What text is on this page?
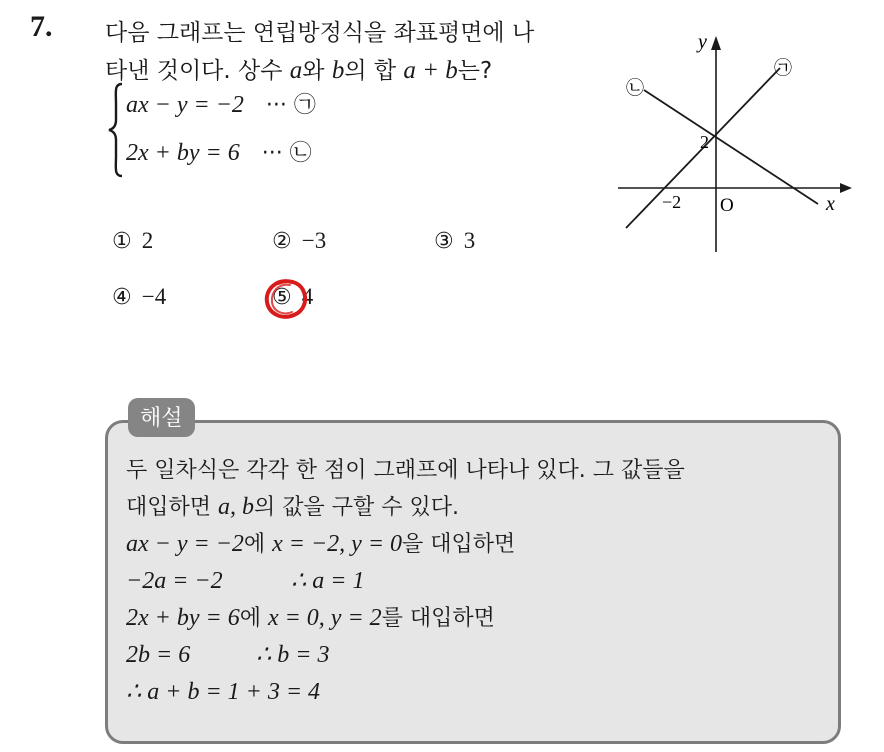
7. 다음 그래프는 연립방정식을 좌표평면에 나
타낸 것이다. 상수 a와 b의 합 a + b는?
ax − y = −2 ··· ㉠
2x + by = 6 ··· ㉡
① 2	② −3	③ 3
④ −4	⑤ 4
y
x
O
2
−2
㉠
㉡
해설
두 일차식은 각각 한 점이 그래프에 나타나 있다. 그 값들을
대입하면 a, b의 값을 구할 수 있다.
ax − y = −2에 x = −2, y = 0을 대입하면
−2a = −2	∴ a = 1
2x + by = 6에 x = 0, y = 2를 대입하면
2b = 6	∴ b = 3
∴ a + b = 1 + 3 = 4
